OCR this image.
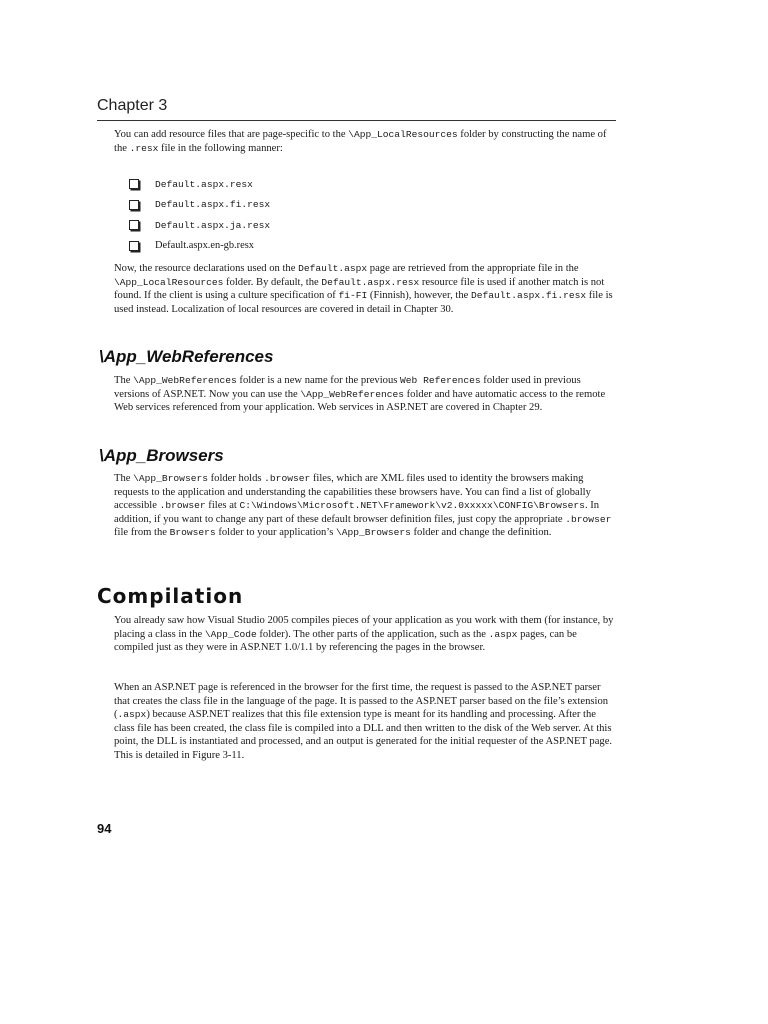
Chapter 3

You can add resource files that are page-specific to the \App_LocalResources folder by constructing the name of the .resx file in the following manner:

Default.aspx.resx
Default.aspx.fi.resx
Default.aspx.ja.resx
Default.aspx.en-gb.resx

Now, the resource declarations used on the Default.aspx page are retrieved from the appropriate file in the \App_LocalResources folder. By default, the Default.aspx.resx resource file is used if another match is not found. If the client is using a culture specification of fi-FI (Finnish), however, the Default.aspx.fi.resx file is used instead. Localization of local resources are covered in detail in Chapter 30.

\App_WebReferences

The \App_WebReferences folder is a new name for the previous Web References folder used in previous versions of ASP.NET. Now you can use the \App_WebReferences folder and have automatic access to the remote Web services referenced from your application. Web services in ASP.NET are covered in Chapter 29.

\App_Browsers

The \App_Browsers folder holds .browser files, which are XML files used to identity the browsers making requests to the application and understanding the capabilities these browsers have. You can find a list of globally accessible .browser files at C:\Windows\Microsoft.NET\Framework\v2.0xxxxx\CONFIG\Browsers. In addition, if you want to change any part of these default browser definition files, just copy the appropriate .browser file from the Browsers folder to your application’s \App_Browsers folder and change the definition.

Compilation

You already saw how Visual Studio 2005 compiles pieces of your application as you work with them (for instance, by placing a class in the \App_Code folder). The other parts of the application, such as the .aspx pages, can be compiled just as they were in ASP.NET 1.0/1.1 by referencing the pages in the browser.

When an ASP.NET page is referenced in the browser for the first time, the request is passed to the ASP.NET parser that creates the class file in the language of the page. It is passed to the ASP.NET parser based on the file’s extension (.aspx) because ASP.NET realizes that this file extension type is meant for its handling and processing. After the class file has been created, the class file is compiled into a DLL and then written to the disk of the Web server. At this point, the DLL is instantiated and processed, and an output is generated for the initial requester of the ASP.NET page. This is detailed in Figure 3-11.

94
